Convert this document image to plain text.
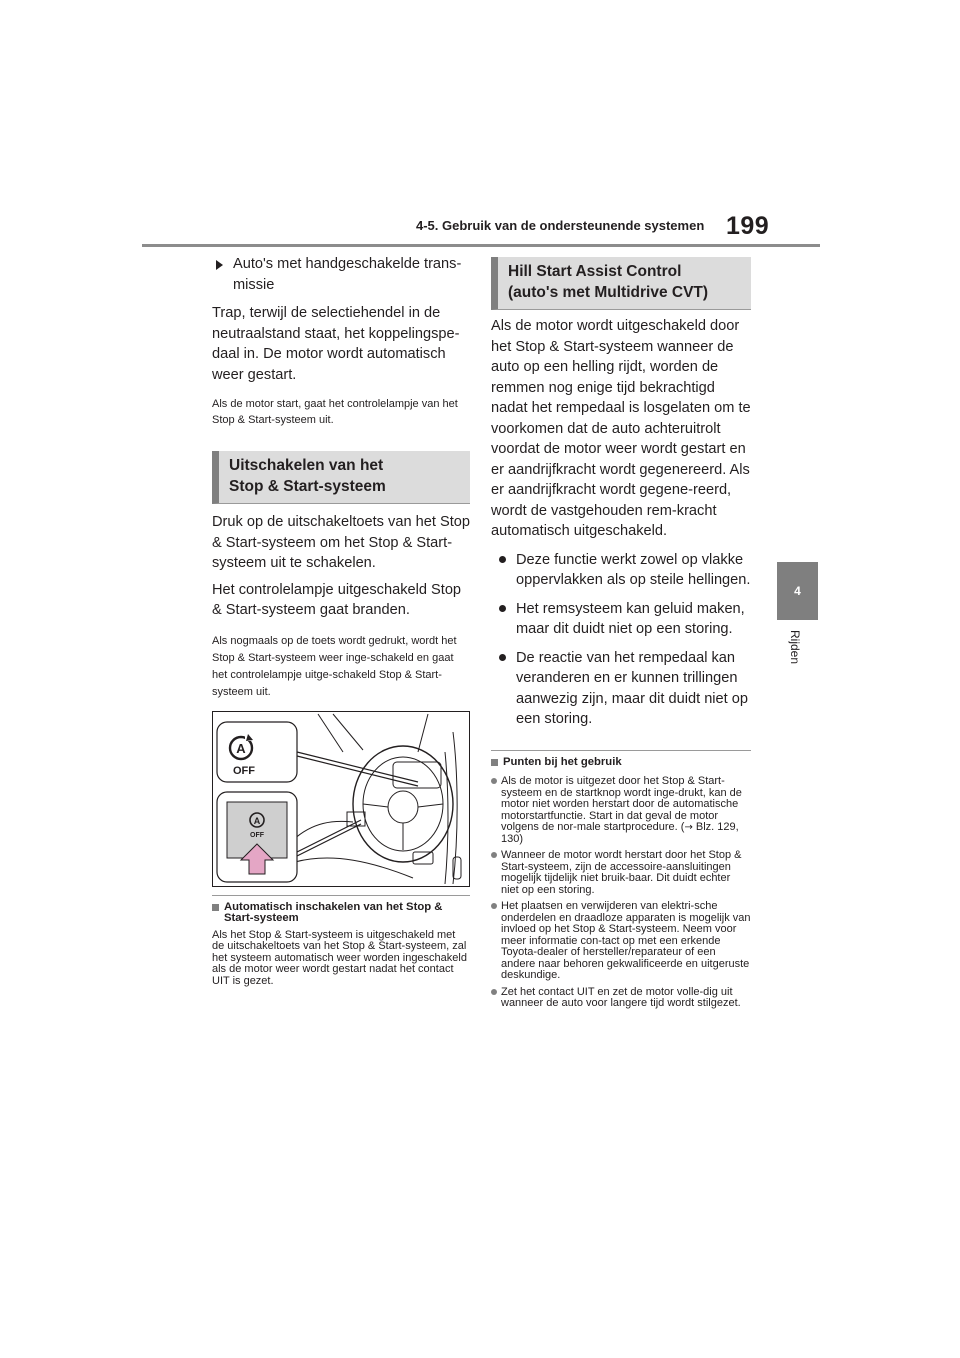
4-5. Gebruik van de ondersteunende systemen 199
4
Rijden

Auto's met handgeschakelde trans-missie

Trap, terwijl de selectiehendel in de neutraalstand staat, het koppelingspe-daal in. De motor wordt automatisch weer gestart.

Als de motor start, gaat het controlelampje van het Stop & Start-systeem uit.

Uitschakelen van het
Stop & Start-systeem

Druk op de uitschakeltoets van het Stop & Start-systeem om het Stop & Start-systeem uit te schakelen.

Het controlelampje uitgeschakeld Stop & Start-systeem gaat branden.

Als nogmaals op de toets wordt gedrukt, wordt het Stop & Start-systeem weer inge-schakeld en gaat het controlelampje uitge-schakeld Stop & Start-systeem uit.

A
A
OFF
OFF
Automatisch inschakelen van het Stop & Start-systeem

Als het Stop & Start-systeem is uitgeschakeld met de uitschakeltoets van het Stop & Start-systeem, zal het systeem automatisch weer worden ingeschakeld als de motor weer wordt gestart nadat het contact UIT is gezet.

Hill Start Assist Control
(auto's met Multidrive CVT)

Als de motor wordt uitgeschakeld door het Stop & Start-systeem wanneer de auto op een helling rijdt, worden de remmen nog enige tijd bekrachtigd nadat het rempedaal is losgelaten om te voorkomen dat de auto achteruitrolt voordat de motor weer wordt gestart en er aandrijfkracht wordt gegenereerd. Als er aandrijfkracht wordt gegene-reerd, wordt de vastgehouden rem-kracht automatisch uitgeschakeld.

Deze functie werkt zowel op vlakke oppervlakken als op steile hellingen.

Het remsysteem kan geluid maken, maar dit duidt niet op een storing.

De reactie van het rempedaal kan veranderen en er kunnen trillingen aanwezig zijn, maar dit duidt niet op een storing.

Punten bij het gebruik

Als de motor is uitgezet door het Stop & Start-systeem en de startknop wordt inge-drukt, kan de motor niet worden herstart door de automatische motorstartfunctie. Start in dat geval de motor volgens de nor-male startprocedure. (→ Blz. 129, 130)

Wanneer de motor wordt herstart door het Stop & Start-systeem, zijn de accessoire-aansluitingen mogelijk tijdelijk niet bruik-baar. Dit duidt echter niet op een storing.

Het plaatsen en verwijderen van elektri-sche onderdelen en draadloze apparaten is mogelijk van invloed op het Stop & Start-systeem. Neem voor meer informatie con-tact op met een erkende Toyota-dealer of hersteller/reparateur of een andere naar behoren gekwalificeerde en uitgeruste deskundige.

Zet het contact UIT en zet de motor volle-dig uit wanneer de auto voor langere tijd wordt stilgezet.
